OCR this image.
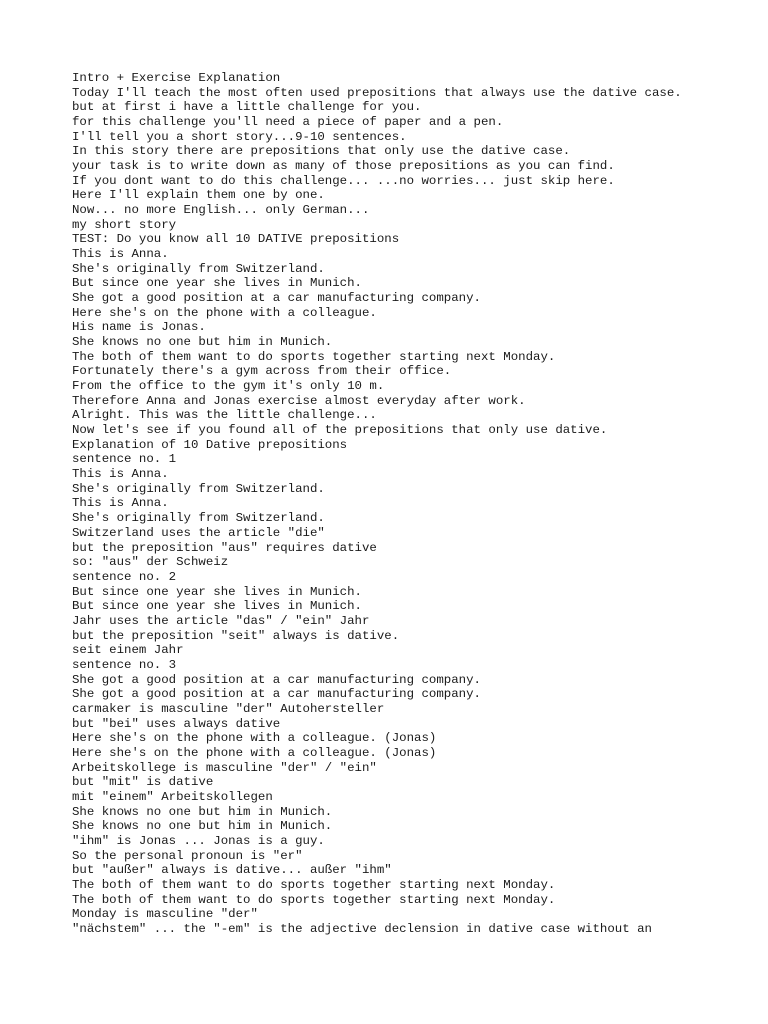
Intro + Exercise Explanation
Today I'll teach the most often used prepositions that always use the dative case.
but at first i have a little challenge for you.
for this challenge you'll need a piece of paper and a pen.
I'll tell you a short story...9-10 sentences.
In this story there are prepositions that only use the dative case.
your task is to write down as many of those prepositions as you can find.
If you dont want to do this challenge... ...no worries... just skip here.
Here I'll explain them one by one.
Now... no more English... only German...
my short story
TEST: Do you know all 10 DATIVE prepositions
This is Anna.
She's originally from Switzerland.
But since one year she lives in Munich.
She got a good position at a car manufacturing company.
Here she's on the phone with a colleague.
His name is Jonas.
She knows no one but him in Munich.
The both of them want to do sports together starting next Monday.
Fortunately there's a gym across from their office.
From the office to the gym it's only 10 m.
Therefore Anna and Jonas exercise almost everyday after work.
Alright. This was the little challenge...
Now let's see if you found all of the prepositions that only use dative.
Explanation of 10 Dative prepositions
sentence no. 1
This is Anna.
She's originally from Switzerland.
This is Anna.
She's originally from Switzerland.
Switzerland uses the article "die"
but the preposition "aus" requires dative
so: "aus" der Schweiz
sentence no. 2
But since one year she lives in Munich.
But since one year she lives in Munich.
Jahr uses the article "das" / "ein" Jahr
but the preposition "seit" always is dative.
seit einem Jahr
sentence no. 3
She got a good position at a car manufacturing company.
She got a good position at a car manufacturing company.
carmaker is masculine "der" Autohersteller
but "bei" uses always dative
Here she's on the phone with a colleague. (Jonas)
Here she's on the phone with a colleague. (Jonas)
Arbeitskollege is masculine "der" / "ein"
but "mit" is dative
mit "einem" Arbeitskollegen
She knows no one but him in Munich.
She knows no one but him in Munich.
"ihm" is Jonas ... Jonas is a guy.
So the personal pronoun is "er"
but "außer" always is dative... außer "ihm"
The both of them want to do sports together starting next Monday.
The both of them want to do sports together starting next Monday.
Monday is masculine "der"
"nächstem" ... the "-em" is the adjective declension in dative case without an
